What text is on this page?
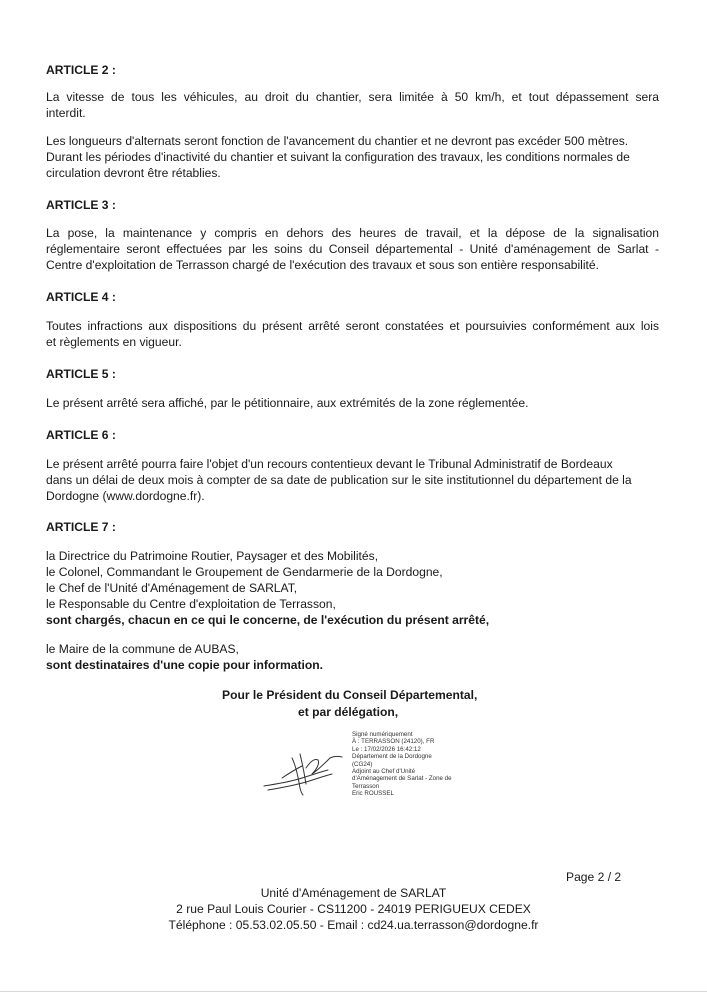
ARTICLE 2 :
La vitesse de tous les véhicules, au droit du chantier, sera limitée à 50 km/h, et tout dépassement sera
interdit.
Les longueurs d'alternats seront fonction de l'avancement du chantier et ne devront pas excéder 500 mètres.
Durant les périodes d'inactivité du chantier et suivant la configuration des travaux, les conditions normales de
circulation devront être rétablies.
ARTICLE 3 :
La pose, la maintenance y compris en dehors des heures de travail, et la dépose de la signalisation
réglementaire seront effectuées par les soins du Conseil départemental - Unité d'aménagement de Sarlat -
Centre d'exploitation de Terrasson chargé de l'exécution des travaux et sous son entière responsabilité.
ARTICLE 4 :
Toutes infractions aux dispositions du présent arrêté seront constatées et poursuivies conformément aux lois
et règlements en vigueur.
ARTICLE 5 :
Le présent arrêté sera affiché, par le pétitionnaire, aux extrémités de la zone réglementée.
ARTICLE 6 :
Le présent arrêté pourra faire l'objet d'un recours contentieux devant le Tribunal Administratif de Bordeaux
dans un délai de deux mois à compter de sa date de publication sur le site institutionnel du département de la
Dordogne (www.dordogne.fr).
ARTICLE 7 :
la Directrice du Patrimoine Routier, Paysager et des Mobilités,
le Colonel, Commandant le Groupement de Gendarmerie de la Dordogne,
le Chef de l'Unité d'Aménagement de SARLAT,
le Responsable du Centre d'exploitation de Terrasson,
sont chargés, chacun en ce qui le concerne, de l'exécution du présent arrêté,
le Maire de la commune de AUBAS,
sont destinataires d'une copie pour information.
Pour le Président du Conseil Départemental,
et par délégation,
Signé numériquement
À : TERRASSON (24120), FR
Le : 17/02/2026 16:42:12
Département de la Dordogne
(CG24)
Adjoint au Chef d'Unité
d'Aménagement de Sarlat - Zone de
Terrasson
Eric ROUSSEL
Page 2 / 2
Unité d'Aménagement de SARLAT
2 rue Paul Louis Courier - CS11200 - 24019 PERIGUEUX CEDEX
Téléphone : 05.53.02.05.50 - Email : cd24.ua.terrasson@dordogne.fr
